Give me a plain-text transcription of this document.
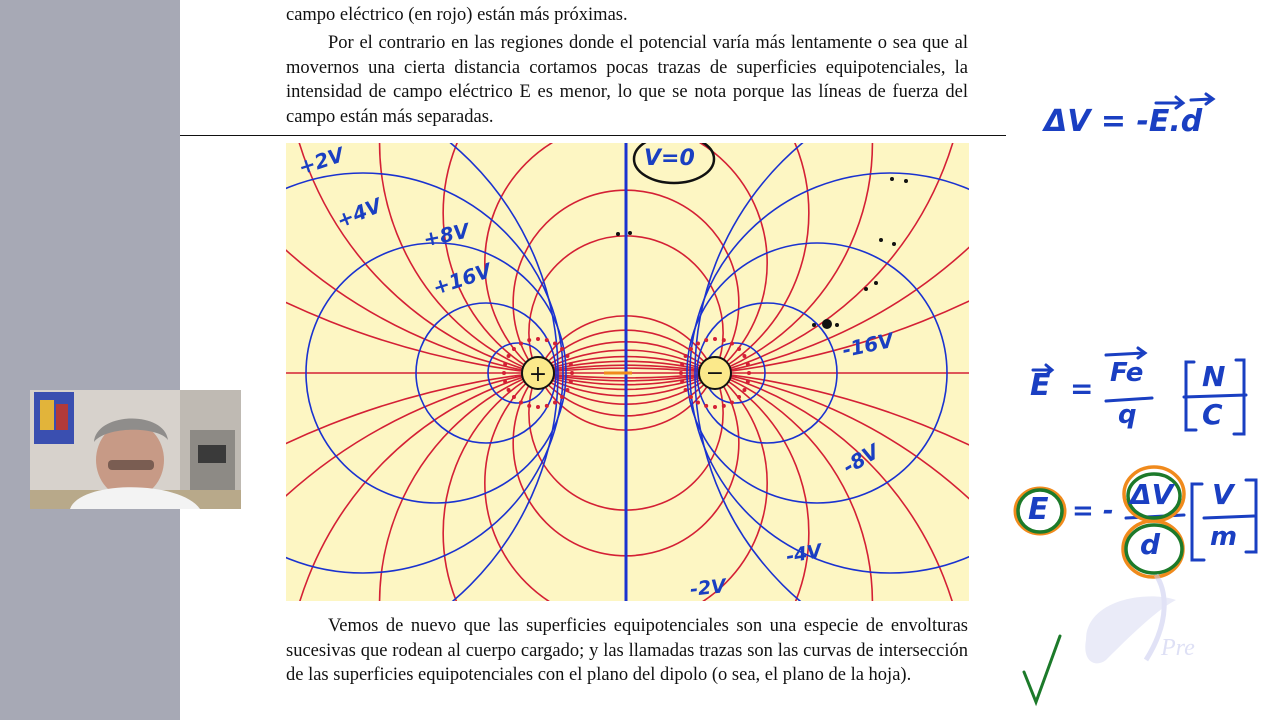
campo eléctrico (en rojo) están más próximas.

Por el contrario en las regiones donde el potencial varía más lentamente o sea que al movernos una cierta distancia cortamos pocas trazas de superficies equipotenciales, la intensidad de campo eléctrico E es menor, lo que se nota porque las líneas de fuerza del campo están más separadas.

Vemos de nuevo que las superficies equipotenciales son una especie de envolturas sucesivas que rodean al cuerpo cargado; y las llamadas trazas son las curvas de intersección de las superficies equipotenciales con el plano del dipolo (o sea, el plano de la hoja).

+	−
V=0
+2V
+4V
+8V
+16V
-16V
-8V
-4V
-2V
Pre
ΔV = -E.d
E = Fe
q
N
C
E = - ΔV
d
V
m
